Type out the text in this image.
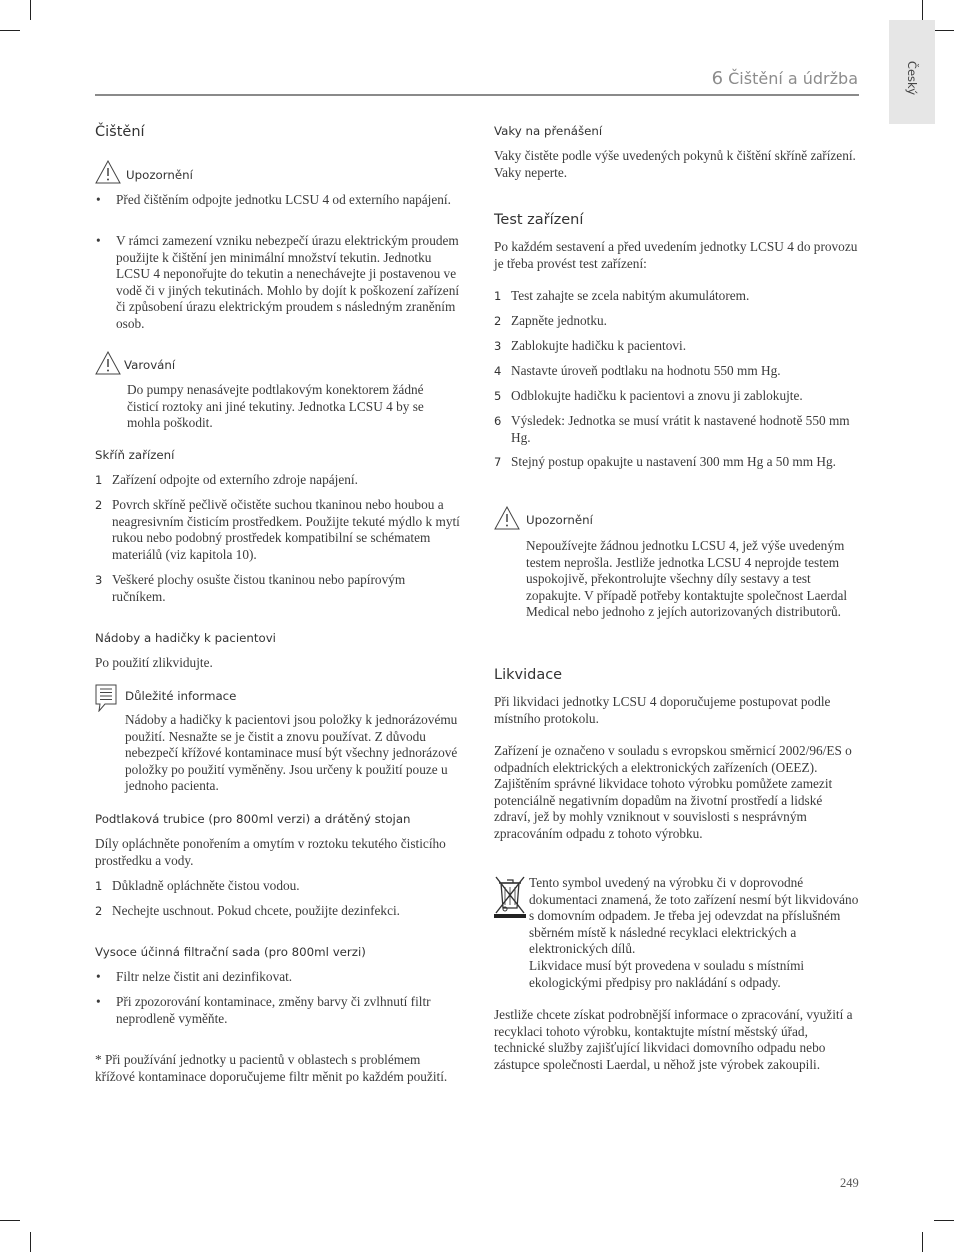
Český
6 Čištění a údržba
Čištění
Upozornění
• Před čištěním odpojte jednotku LCSU 4 od externího napájení.
• V rámci zamezení vzniku nebezpečí úrazu elektrickým proudem použijte k čištění jen minimální množství tekutin. Jednotku LCSU 4 neponořujte do tekutin a nenechávejte ji postavenou ve vodě či v jiných tekutinách. Mohlo by dojít k poškození zařízení či způsobení úrazu elektrickým proudem s následným zraněním osob.
Varování
Do pumpy nenasávejte podtlakovým konektorem žádné čisticí roztoky ani jiné tekutiny. Jednotka LCSU 4 by se mohla poškodit.
Skříň zařízení
1 Zařízení odpojte od externího zdroje napájení.
2 Povrch skříně pečlivě očistěte suchou tkaninou nebo houbou a neagresivním čisticím prostředkem. Použijte tekuté mýdlo k mytí rukou nebo podobný prostředek kompatibilní se schématem materiálů (viz kapitola 10).
3 Veškeré plochy osušte čistou tkaninou nebo papírovým ručníkem.
Nádoby a hadičky k pacientovi
Po použití zlikvidujte.
Důležité informace
Nádoby a hadičky k pacientovi jsou položky k jednorázovému použití. Nesnažte se je čistit a znovu používat. Z důvodu nebezpečí křížové kontaminace musí být všechny jednorázové položky po použití vyměněny. Jsou určeny k použití pouze u jednoho pacienta.
Podtlaková trubice (pro 800ml verzi) a drátěný stojan
Díly opláchněte ponořením a omytím v roztoku tekutého čisticího prostředku a vody.
1 Důkladně opláchněte čistou vodou.
2 Nechejte uschnout. Pokud chcete, použijte dezinfekci.
Vysoce účinná filtrační sada (pro 800ml verzi)
• Filtr nelze čistit ani dezinfikovat.
• Při zpozorování kontaminace, změny barvy či zvlhnutí filtr neprodleně vyměňte.
* Při používání jednotky u pacientů v oblastech s problémem křížové kontaminace doporučujeme filtr měnit po každém použití.
Vaky na přenášení
Vaky čistěte podle výše uvedených pokynů k čištění skříně zařízení. Vaky neperte.
Test zařízení
Po každém sestavení a před uvedením jednotky LCSU 4 do provozu je třeba provést test zařízení:
1 Test zahajte se zcela nabitým akumulátorem.
2 Zapněte jednotku.
3 Zablokujte hadičku k pacientovi.
4 Nastavte úroveň podtlaku na hodnotu 550 mm Hg.
5 Odblokujte hadičku k pacientovi a znovu ji zablokujte.
6 Výsledek: Jednotka se musí vrátit k nastavené hodnotě 550 mm Hg.
7 Stejný postup opakujte u nastavení 300 mm Hg a 50 mm Hg.
Upozornění
Nepoužívejte žádnou jednotku LCSU 4, jež výše uvedeným testem neprošla. Jestliže jednotka LCSU 4 neprojde testem uspokojivě, překontrolujte všechny díly sestavy a test zopakujte. V případě potřeby kontaktujte společnost Laerdal Medical nebo jednoho z jejích autorizovaných distributorů.
Likvidace
Při likvidaci jednotky LCSU 4 doporučujeme postupovat podle místního protokolu.
Zařízení je označeno v souladu s evropskou směrnicí 2002/96/ES o odpadních elektrických a elektronických zařízeních (OEEZ). Zajištěním správné likvidace tohoto výrobku pomůžete zamezit potenciálně negativním dopadům na životní prostředí a lidské zdraví, jež by mohly vzniknout v souvislosti s nesprávným zpracováním odpadu z tohoto výrobku.
Tento symbol uvedený na výrobku či v doprovodné dokumentaci znamená, že toto zařízení nesmí být likvidováno s domovním odpadem. Je třeba jej odevzdat na příslušném sběrném místě k následné recyklaci elektrických a elektronických dílů.
Likvidace musí být provedena v souladu s místními ekologickými předpisy pro nakládání s odpady.
Jestliže chcete získat podrobnější informace o zpracování, využití a recyklaci tohoto výrobku, kontaktujte místní městský úřad, technické služby zajišťující likvidaci domovního odpadu nebo zástupce společnosti Laerdal, u něhož jste výrobek zakoupili.
249
